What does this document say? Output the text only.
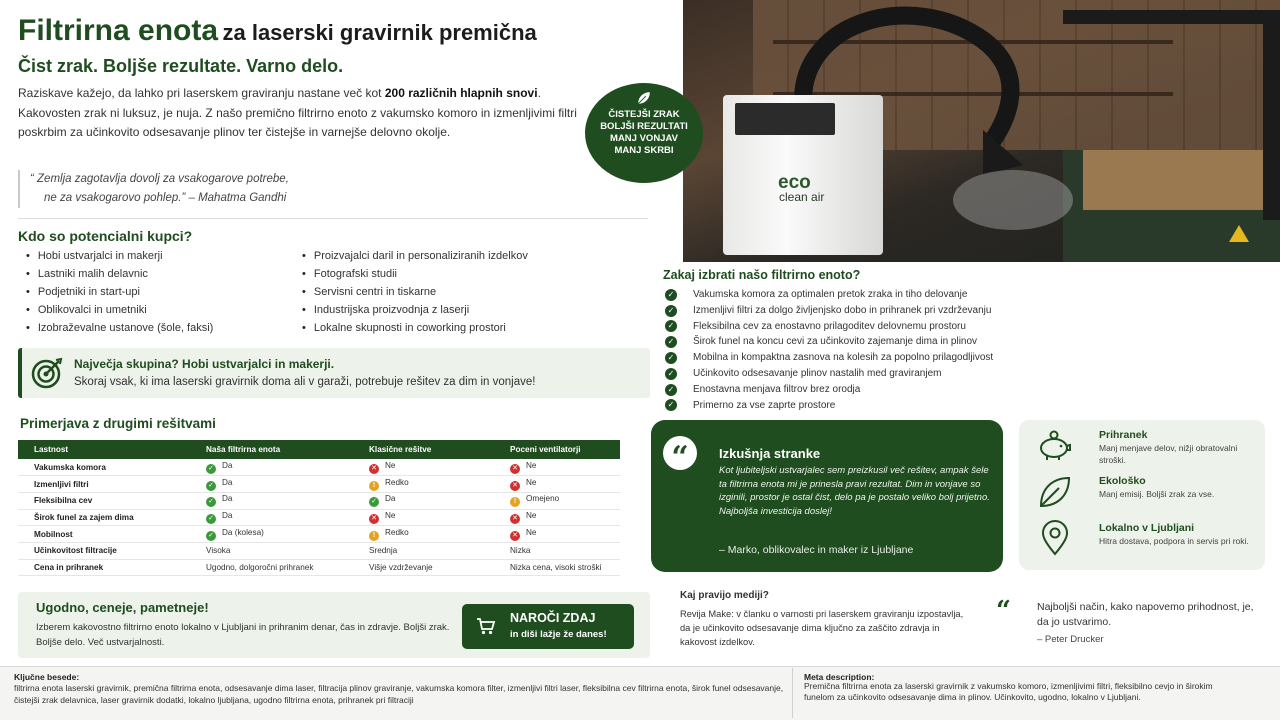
Filtrirna enota za laserski gravirnik premična
Čist zrak. Boljše rezultate. Varno delo.
Raziskave kažejo, da lahko pri laserskem graviranju nastane več kot 200 različnih hlapnih snovi. Kakovosten zrak ni luksuz, je nuja. Z našo premično filtrirno enoto z vakumsko komoro in izmenljivimi filtri poskrbim za učinkovito odsesavanje plinov ter čistejše in varnejše delovno okolje.
“ Zemlja zagotavlja dovolj za vsakogarove potrebe,
ne za vsakogarovo pohlep.” – Mahatma Gandhi
eco
clean air
ČISTEJŠI ZRAK
BOLJŠI REZULTATI
MANJ VONJAV
MANJ SKRBI
Kdo so potencialni kupci?
• Hobi ustvarjalci in makerji
• Lastniki malih delavnic
• Podjetniki in start-upi
• Oblikovalci in umetniki
• Izobraževalne ustanove (šole, faksi)
• Proizvajalci daril in personaliziranih izdelkov
• Fotografski studii
• Servisni centri in tiskarne
• Industrijska proizvodnja z laserji
• Lokalne skupnosti in coworking prostori
Največja skupina? Hobi ustvarjalci in makerji.
Skoraj vsak, ki ima laserski gravirnik doma ali v garaži, potrebuje rešitev za dim in vonjave!
Primerjava z drugimi rešitvami
Lastnost	Naša filtrirna enota	Klasične rešitve	Poceni ventilatorji
Vakumska komora	✓ Da	✕ Ne	✕ Ne
Izmenljivi filtri	✓ Da	! Redko	✕ Ne
Fleksibilna cev	✓ Da	✓ Da	! Omejeno
Širok funel za zajem dima	✓ Da	✕ Ne	✕ Ne
Mobilnost	✓ Da (kolesa)	! Redko	✕ Ne
Učinkovitost filtracije	Visoka	Srednja	Nizka
Cena in prihranek	Ugodno, dolgoročni prihranek	Višje vzdrževanje	Nizka cena, visoki stroški
Ugodno, ceneje, pametneje!
Izberem kakovostno filtrirno enoto lokalno v Ljubljani in prihranim denar, čas in zdravje. Boljši zrak. Boljše delo. Več ustvarjalnosti.
NAROČI ZDAJ
in diši lažje že danes!
Zakaj izbrati našo filtrirno enoto?
✓ Vakumska komora za optimalen pretok zraka in tiho delovanje
✓ Izmenljivi filtri za dolgo življenjsko dobo in prihranek pri vzdrževanju
✓ Fleksibilna cev za enostavno prilagoditev delovnemu prostoru
✓ Širok funel na koncu cevi za učinkovito zajemanje dima in plinov
✓ Mobilna in kompaktna zasnova na kolesih za popolno prilagodljivost
✓ Učinkovito odsesavanje plinov nastalih med graviranjem
✓ Enostavna menjava filtrov brez orodja
✓ Primerno za vse zaprte prostore
“	Izkušnja stranke
Kot ljubiteljski ustvarjalec sem preizkusil več rešitev, ampak šele ta filtrirna enota mi je prinesla pravi rezultat. Dim in vonjave so izginili, prostor je ostal čist, delo pa je postalo veliko bolj prijetno. Najboljša investicija doslej!
– Marko, oblikovalec in maker iz Ljubljane
Prihranek
Manj menjave delov, nižji obratovalni stroški.
Ekološko
Manj emisij. Boljši zrak za vse.
Lokalno v Ljubljani
Hitra dostava, podpora in servis pri roki.
Kaj pravijo mediji?
Revija Make: v članku o varnosti pri laserskem graviranju izpostavlja, da je učinkovito odsesavanje dima ključno za zaščito zdravja in kakovost izdelkov.
“ Najboljši način, kako napovemo prihodnost, je, da jo ustvarimo.
– Peter Drucker
Ključne besede:
filtrirna enota laserski gravirnik, premična filtrirna enota, odsesavanje dima laser, filtracija plinov graviranje, vakumska komora filter, izmenljivi filtri laser, fleksibilna cev filtrirna enota, širok funel odsesavanje, čistejši zrak delavnica, laser gravirnik dodatki, lokalno ljubljana, ugodno filtrirna enota, prihranek pri filtraciji
Meta description:
Premična filtrirna enota za laserski gravirnik z vakumsko komoro, izmenljivimi filtri, fleksibilno cevjo in širokim funelom za učinkovito odsesavanje dima in plinov. Učinkovito, ugodno, lokalno v Ljubljani.
